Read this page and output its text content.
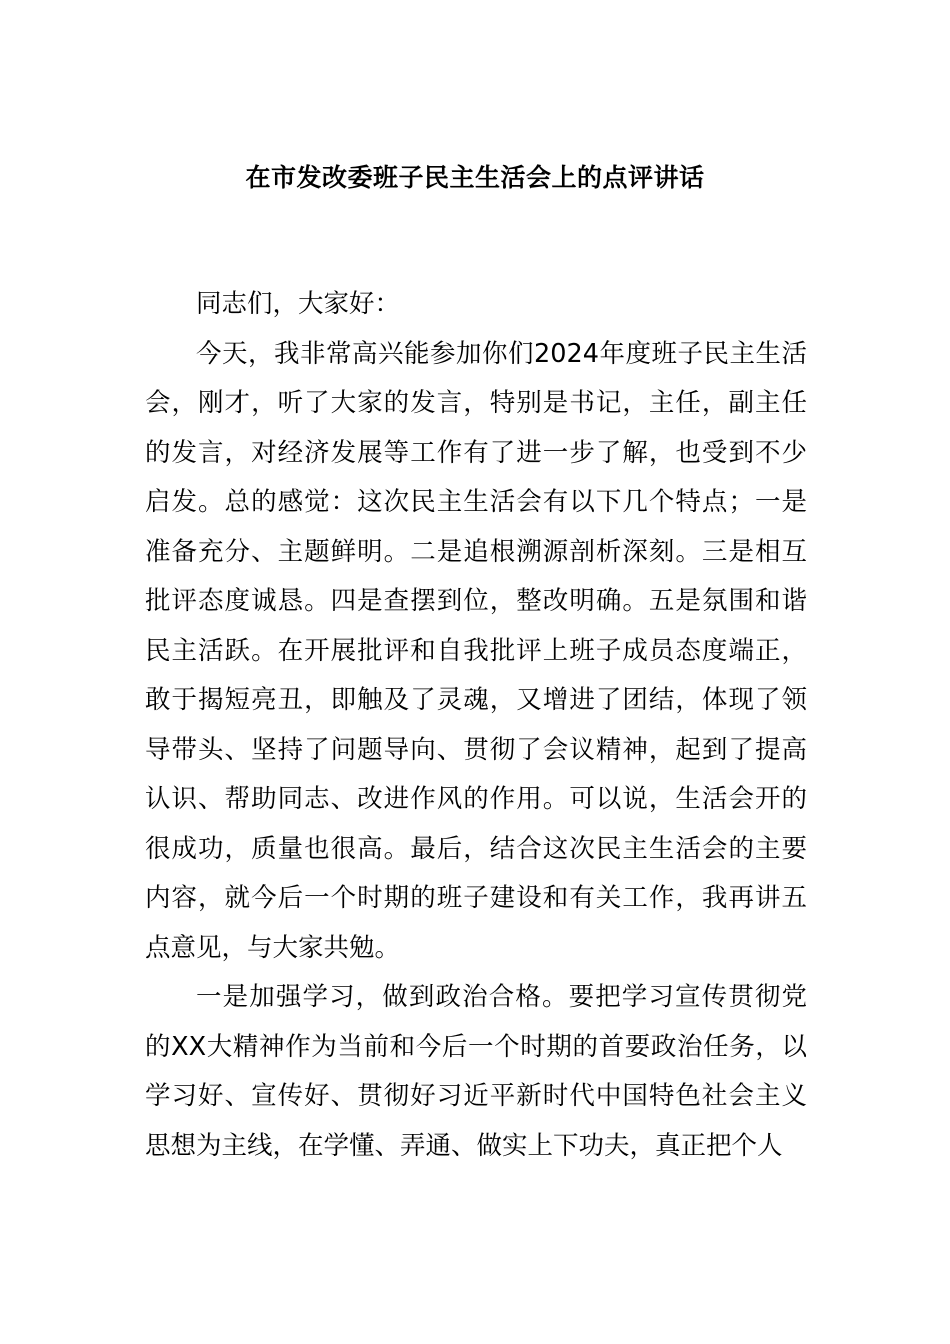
在市发改委班子民主生活会上的点评讲话

同志们，大家好：

今天，我非常高兴能参加你们2024年度班子民主生活会，刚才，听了大家的发言，特别是书记，主任，副主任的发言，对经济发展等工作有了进一步了解，也受到不少启发。总的感觉：这次民主生活会有以下几个特点；一是准备充分、主题鲜明。二是追根溯源剖析深刻。三是相互批评态度诚恳。四是查摆到位，整改明确。五是氛围和谐民主活跃。在开展批评和自我批评上班子成员态度端正，敢于揭短亮丑，即触及了灵魂，又增进了团结，体现了领导带头、坚持了问题导向、贯彻了会议精神，起到了提高认识、帮助同志、改进作风的作用。可以说，生活会开的很成功，质量也很高。最后，结合这次民主生活会的主要内容，就今后一个时期的班子建设和有关工作，我再讲五点意见，与大家共勉。

一是加强学习，做到政治合格。要把学习宣传贯彻党的XX大精神作为当前和今后一个时期的首要政治任务，以学习好、宣传好、贯彻好习近平新时代中国特色社会主义思想为主线，在学懂、弄通、做实上下功夫，真正把个人
